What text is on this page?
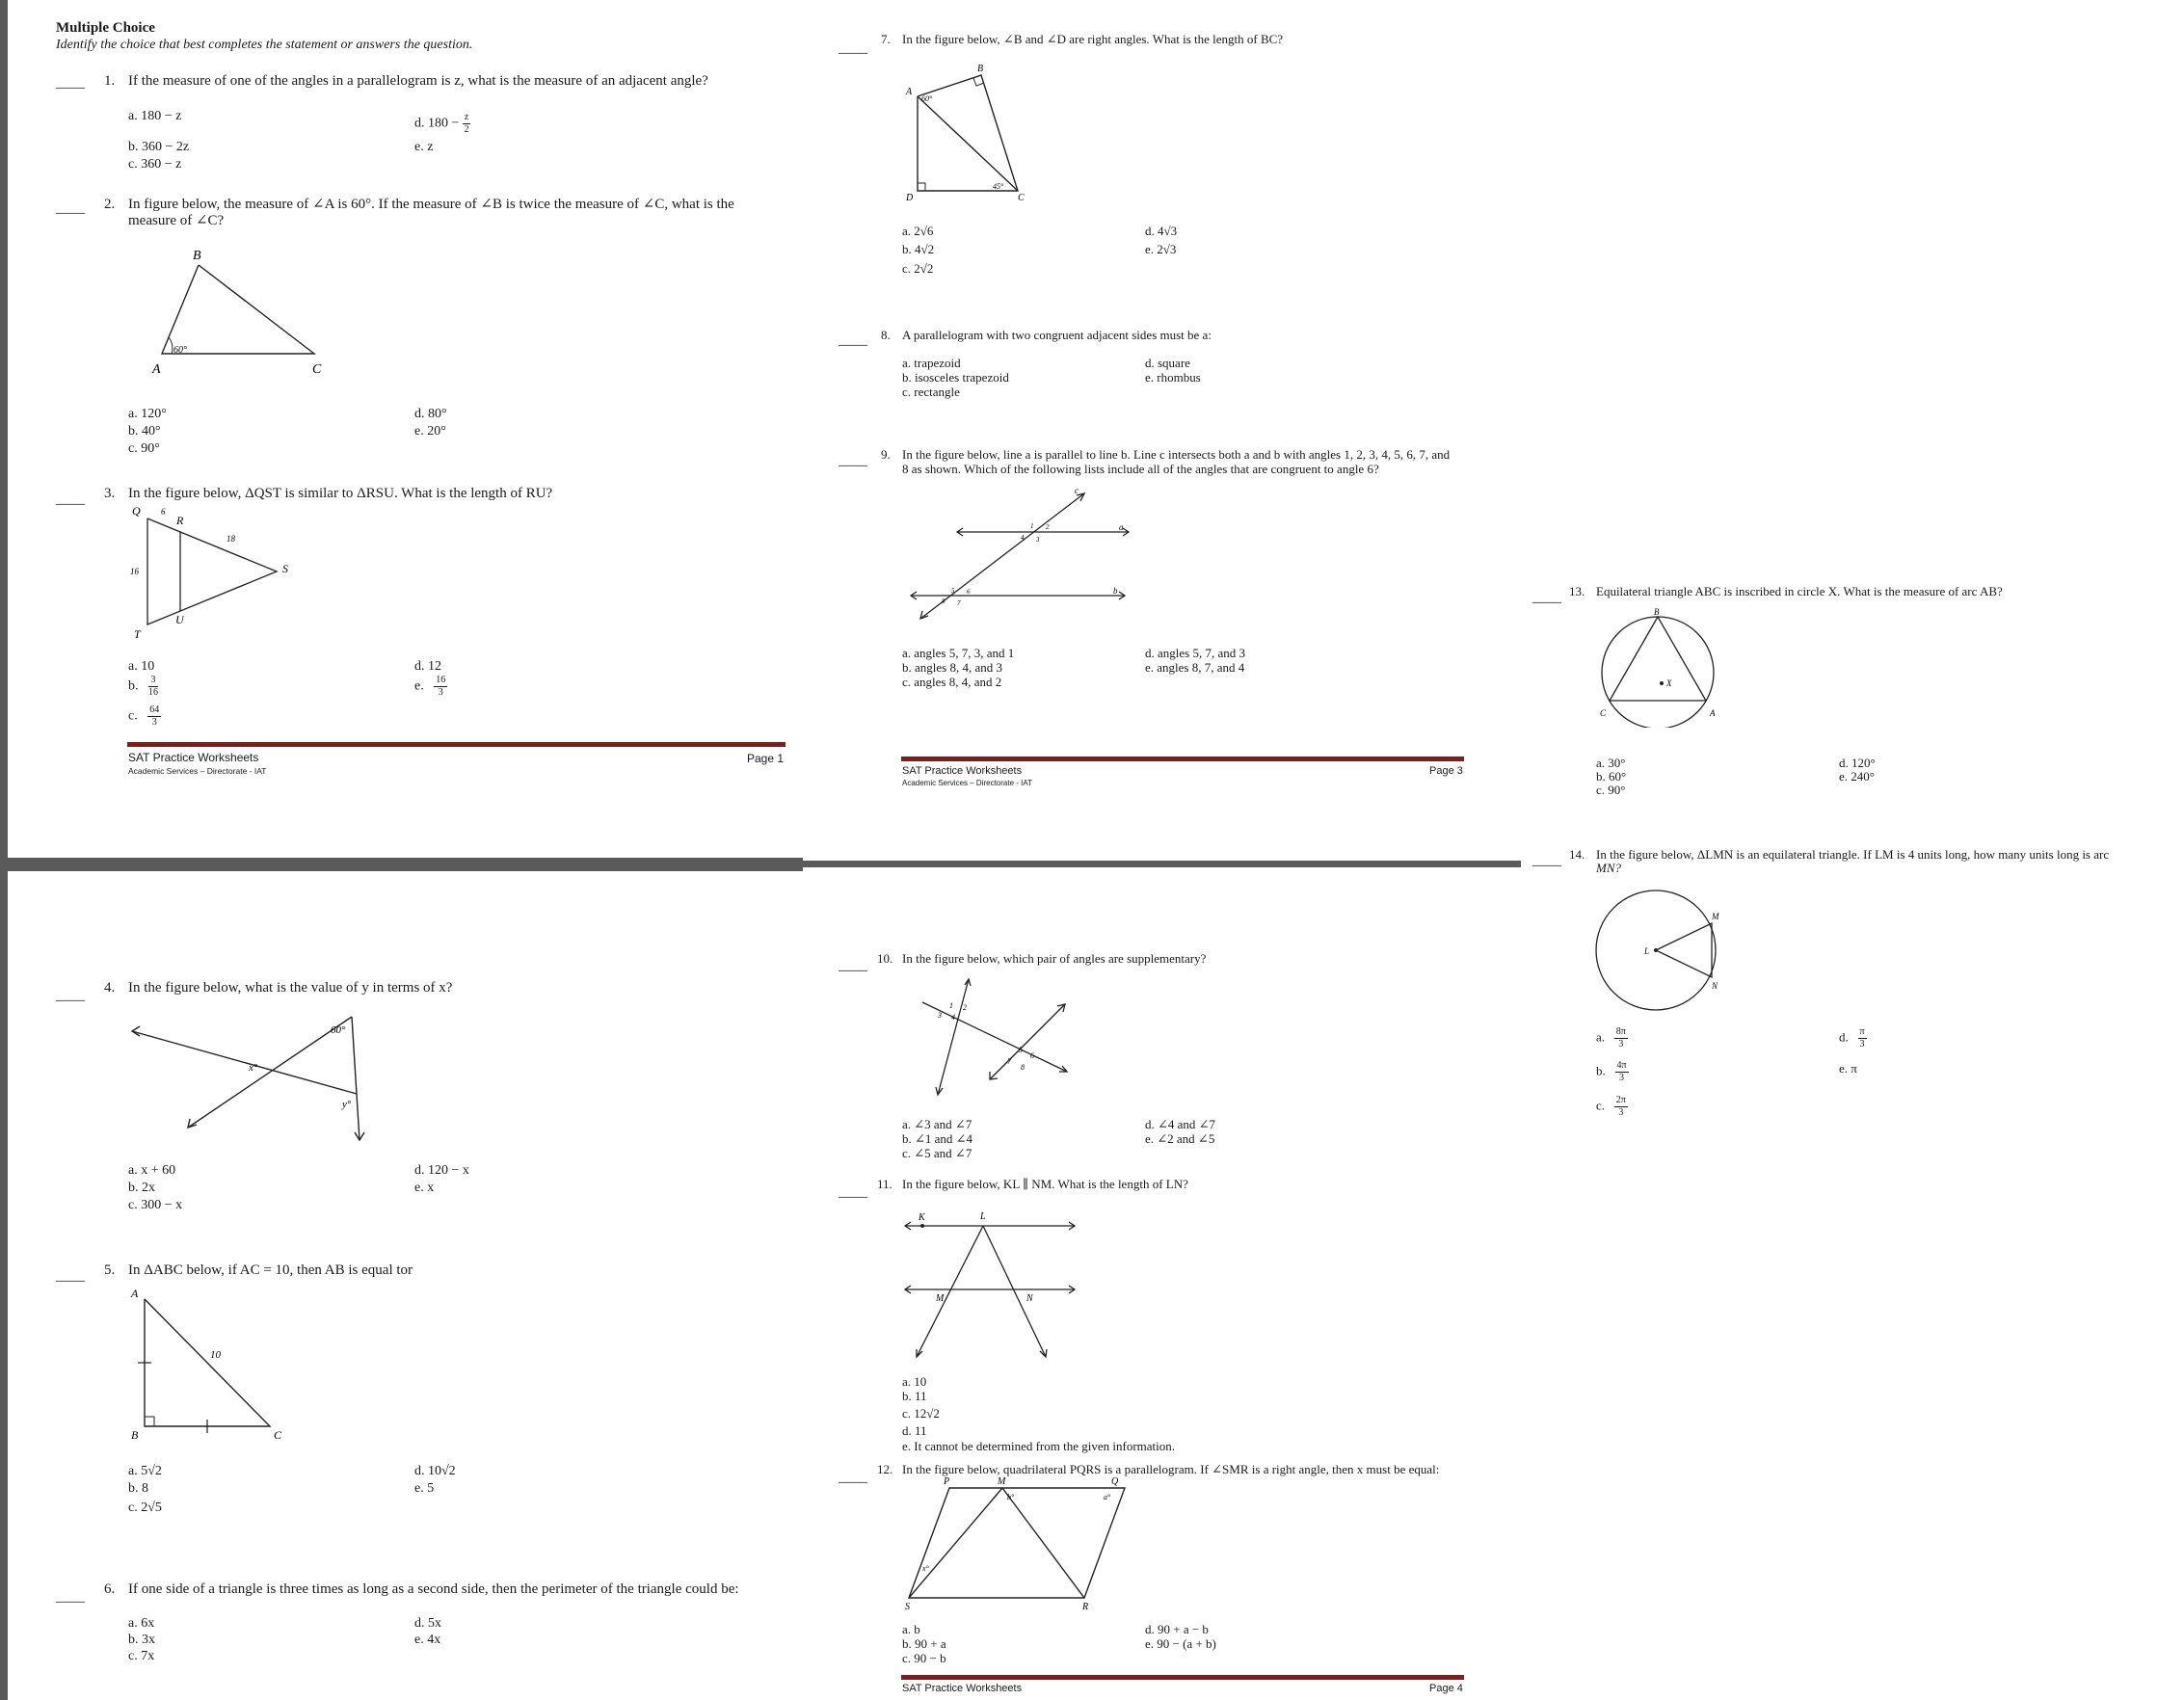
Multiple Choice
Identify the choice that best completes the statement or answers the question.
____ 1. If the measure of one of the angles in a parallelogram is z, what is the measure of an adjacent angle?
a. 180 − z
b. 360 − 2z
c. 360 − z
d. $180 - \frac{z}{2}$
e. z
____ 2. In figure below, the measure of ∠A is 60°. If the measure of ∠B is twice the measure of ∠C, what is the
measure of ∠C?
B
A	C
60°
a. 120°
b. 40°
c. 90°
d. 80°
e. 20°
____ 3. In the figure below, ΔQST is similar to ΔRSU. What is the length of RU?
Q
R
S
T
U
6
18
16
a. 10
b. $\frac{3}{16}$
c. $\frac{64}{3}$
d. 12
e. $\frac{16}{3}$
SAT Practice Worksheets
Academic Services – Directorate - IAT
Page 1
____ 4. In the figure below, what is the value of y in terms of x?
60°
x°
y°
a. x + 60
b. 2x
c. 300 − x
d. 120 − x
e. x
____ 5. In ΔABC below, if AC = 10, then AB is equal tor
A
B	C
10
a. 5√2
b. 8
c. 2√5
d. 10√2
e. 5
____ 6. If one side of a triangle is three times as long as a second side, then the perimeter of the triangle could be:
a. 6x
b. 3x
c. 7x
d. 5x
e. 4x
____
7. In the figure below, ∠B and ∠D are right angles. What is the length of BC?
B
A
D	C
60°
45°
a. 2√6
b. 4√2
c. 2√2
d. 4√3
e. 2√3
____ 8. A parallelogram with two congruent adjacent sides must be a:
a. trapezoid
b. isosceles trapezoid
c. rectangle
d. square
e. rhombus
____ 9. In the figure below, line a is parallel to line b. Line c intersects both a and b with angles 1, 2, 3, 4, 5, 6, 7, and
8 as shown. Which of the following lists include all of the angles that are congruent to angle 6?
a
b
c
1 2
3
4
5 6
7
8
a. angles 5, 7, 3, and 1
b. angles 8, 4, and 3
c. angles 8, 4, and 2
d. angles 5, 7, and 3
e. angles 8, 7, and 4
SAT Practice Worksheets
Academic Services – Directorate - IAT
Page 3
____ 10. In the figure below, which pair of angles are supplementary?
1 2
3 4
5
6
7
8
a. ∠3 and ∠7
b. ∠1 and ∠4
c. ∠5 and ∠7
d. ∠4 and ∠7
e. ∠2 and ∠5
____
11. In the figure below, KL ∥ NM. What is the length of LN?
K	L
M	N
a. 10
b. 11
c. 12√2
d. 11
e. It cannot be determined from the given information.
____
12. In the figure below, quadrilateral PQRS is a parallelogram. If ∠SMR is a right angle, then x must be equal:
P	M	Q
S	R
a°
b°
x°
a. b
b. 90 + a
c. 90 − b
d. 90 + a − b
e. 90 − (a + b)
SAT Practice Worksheets	Page 4
____ 13. Equilateral triangle ABC is inscribed in circle X. What is the measure of arc AB?
B
C	A
X
a. 30°
b. 60°
c. 90°
d. 120°
e. 240°
____ 14. In the figure below, ΔLMN is an equilateral triangle. If LM is 4 units long, how many units long is arc
MN?
L
M
N
a. $\frac{8\pi}{3}$
b. $\frac{4\pi}{3}$
c. $\frac{2\pi}{3}$
d. $\frac{\pi}{3}$
e. π
